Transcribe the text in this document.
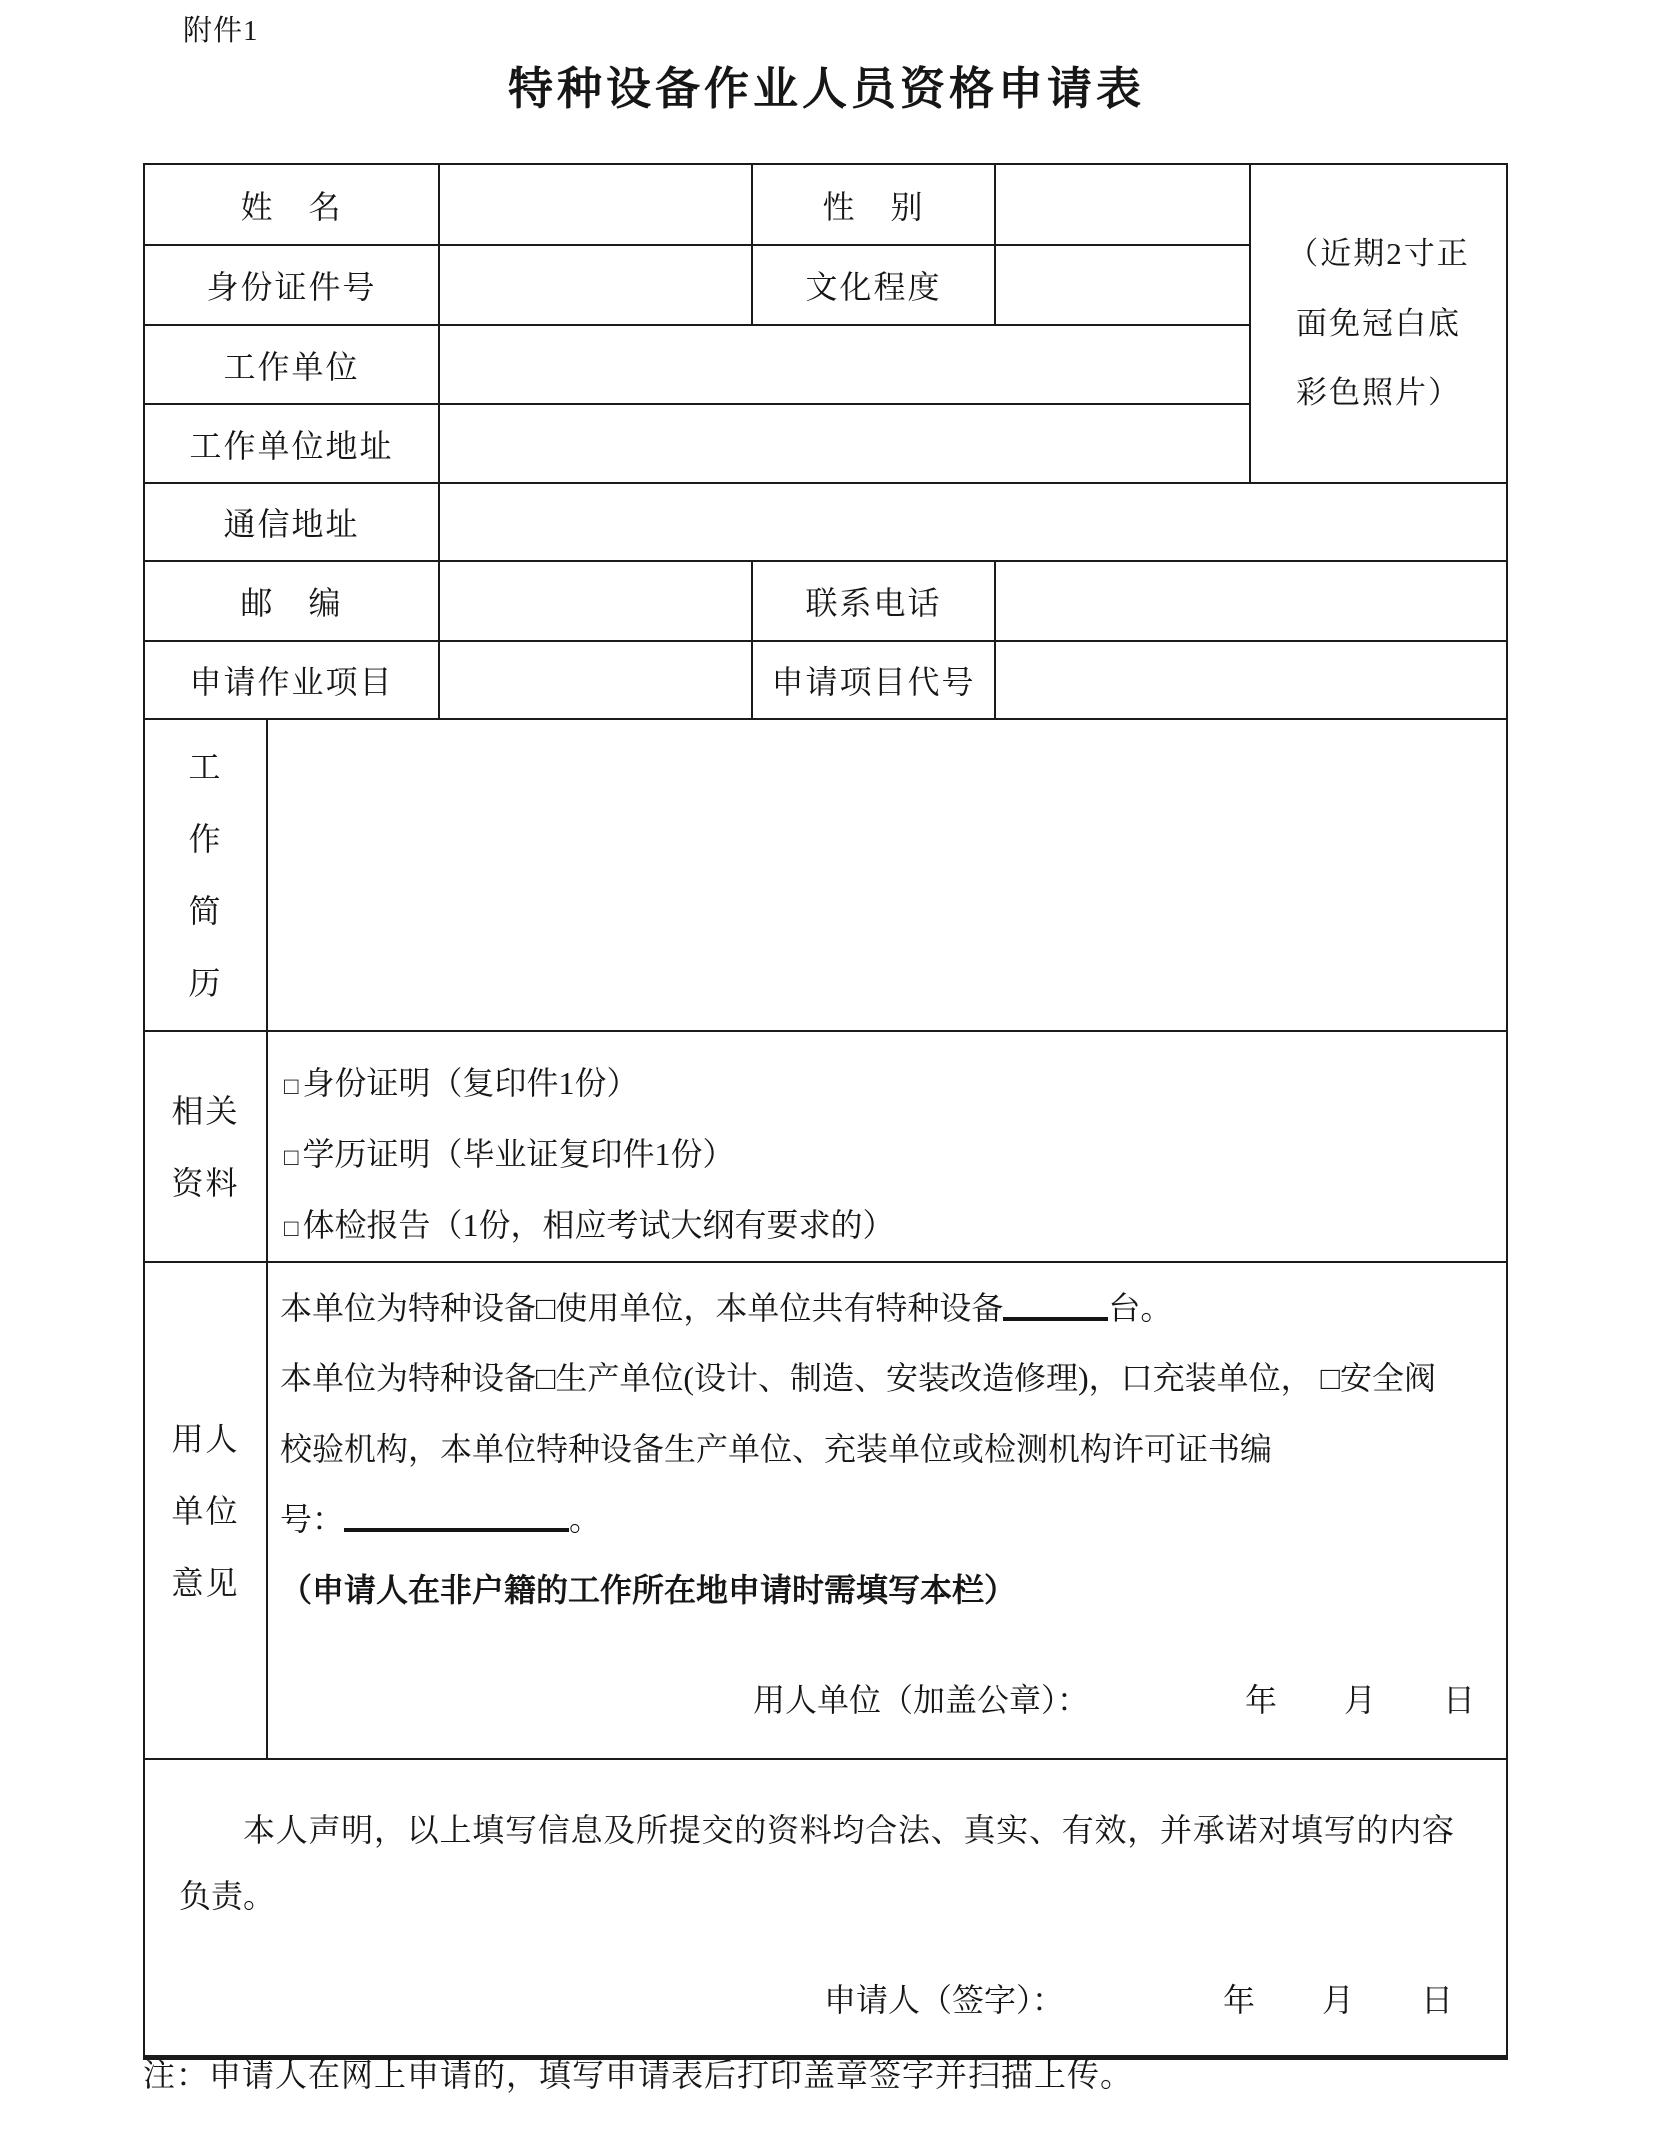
附件1
特种设备作业人员资格申请表
姓　名			性　别		（近期2寸正
面免冠白底
彩色照片）

身份证件号			文化程度		
工作单位					
工作单位地址					
通信地址					
邮　编			联系电话		
申请作业项目			申请项目代号		

工
作
简
历					

相关
资料

□ 身份证明（复印件1份）
□ 学历证明（毕业证复印件1份）
□ 体检报告（1份，相应考试大纲有要求的）

用人
单位
意见

本单位为特种设备□使用单位，本单位共有特种设备	台。
本单位为特种设备□生产单位(设计、制造、安装改造修理)，口充装单位， □安全阀
校验机构，本单位特种设备生产单位、充装单位或检测机构许可证书编
号：	。
（申请人在非户籍的工作所在地申请时需填写本栏）
用人单位（加盖公章）：	年　　月　　日

本人声明，以上填写信息及所提交的资料均合法、真实、有效，并承诺对填写的内容负责。

申请人（签字）： 年　　月　　日					
注：申请人在网上申请的，填写申请表后打印盖章签字并扫描上传。
